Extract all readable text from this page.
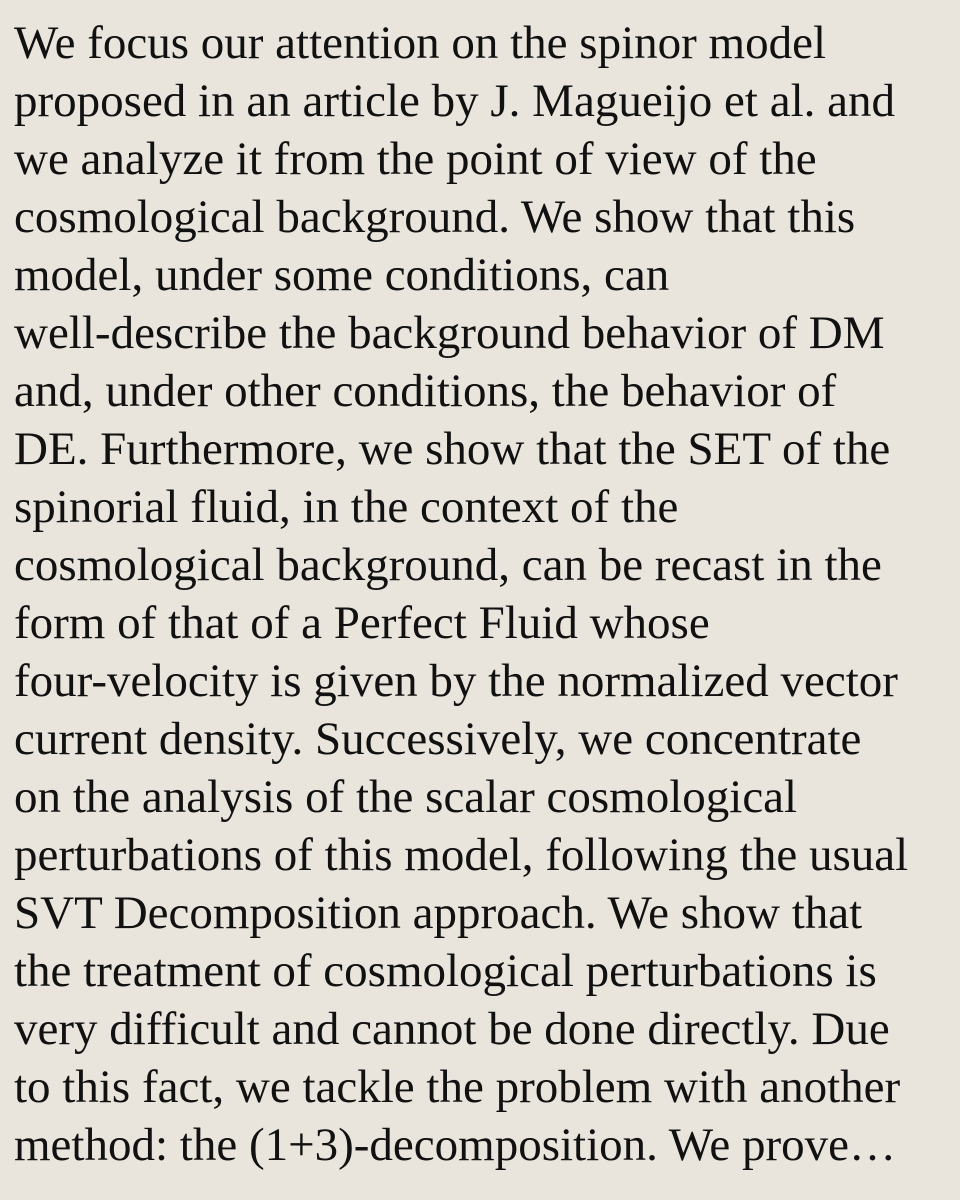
We focus our attention on the spinor model
proposed in an article by J. Magueijo et al. and
we analyze it from the point of view of the
cosmological background. We show that this
model, under some conditions, can
well-describe the background behavior of DM
and, under other conditions, the behavior of
DE. Furthermore, we show that the SET of the
spinorial fluid, in the context of the
cosmological background, can be recast in the
form of that of a Perfect Fluid whose
four-velocity is given by the normalized vector
current density. Successively, we concentrate
on the analysis of the scalar cosmological
perturbations of this model, following the usual
SVT Decomposition approach. We show that
the treatment of cosmological perturbations is
very difficult and cannot be done directly. Due
to this fact, we tackle the problem with another
method: the (1+3)-decomposition. We prove…
